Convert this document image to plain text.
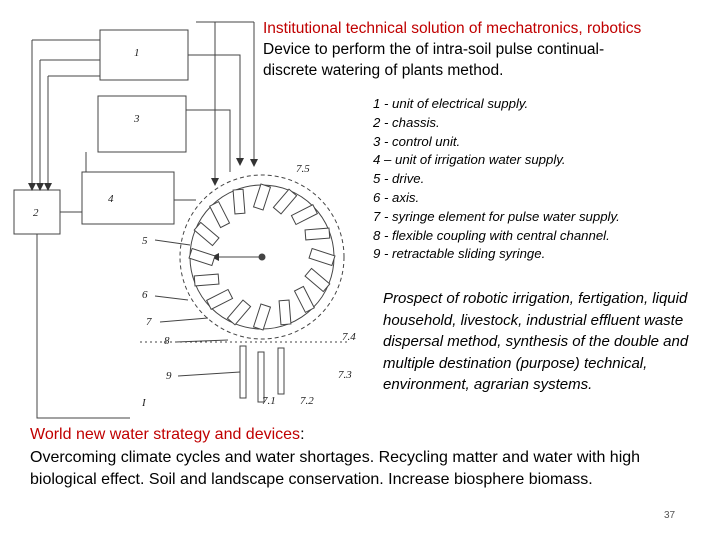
1
3
4
2
5
6
7
8
9
7.5
7.4
7.3
7.2
7.1
I
Institutional technical solution of mechatronics, robotics
Device to perform the of intra-soil pulse continual-
discrete watering of plants method.
1 - unit of electrical supply.
2 - chassis.
3 - control unit.
4 – unit of irrigation water supply.
5 - drive.
6 - axis.
7 - syringe element for pulse water supply.
8 - flexible coupling with central channel.
9 - retractable sliding syringe.
Prospect of robotic irrigation, fertigation, liquid household, livestock, industrial effluent waste dispersal method, synthesis of the double and multiple destination (purpose) technical, environment, agrarian systems.
World new water strategy and devices:
Overcoming climate cycles and water shortages. Recycling matter and water with high biological effect. Soil and landscape conservation. Increase biosphere biomass.
37
